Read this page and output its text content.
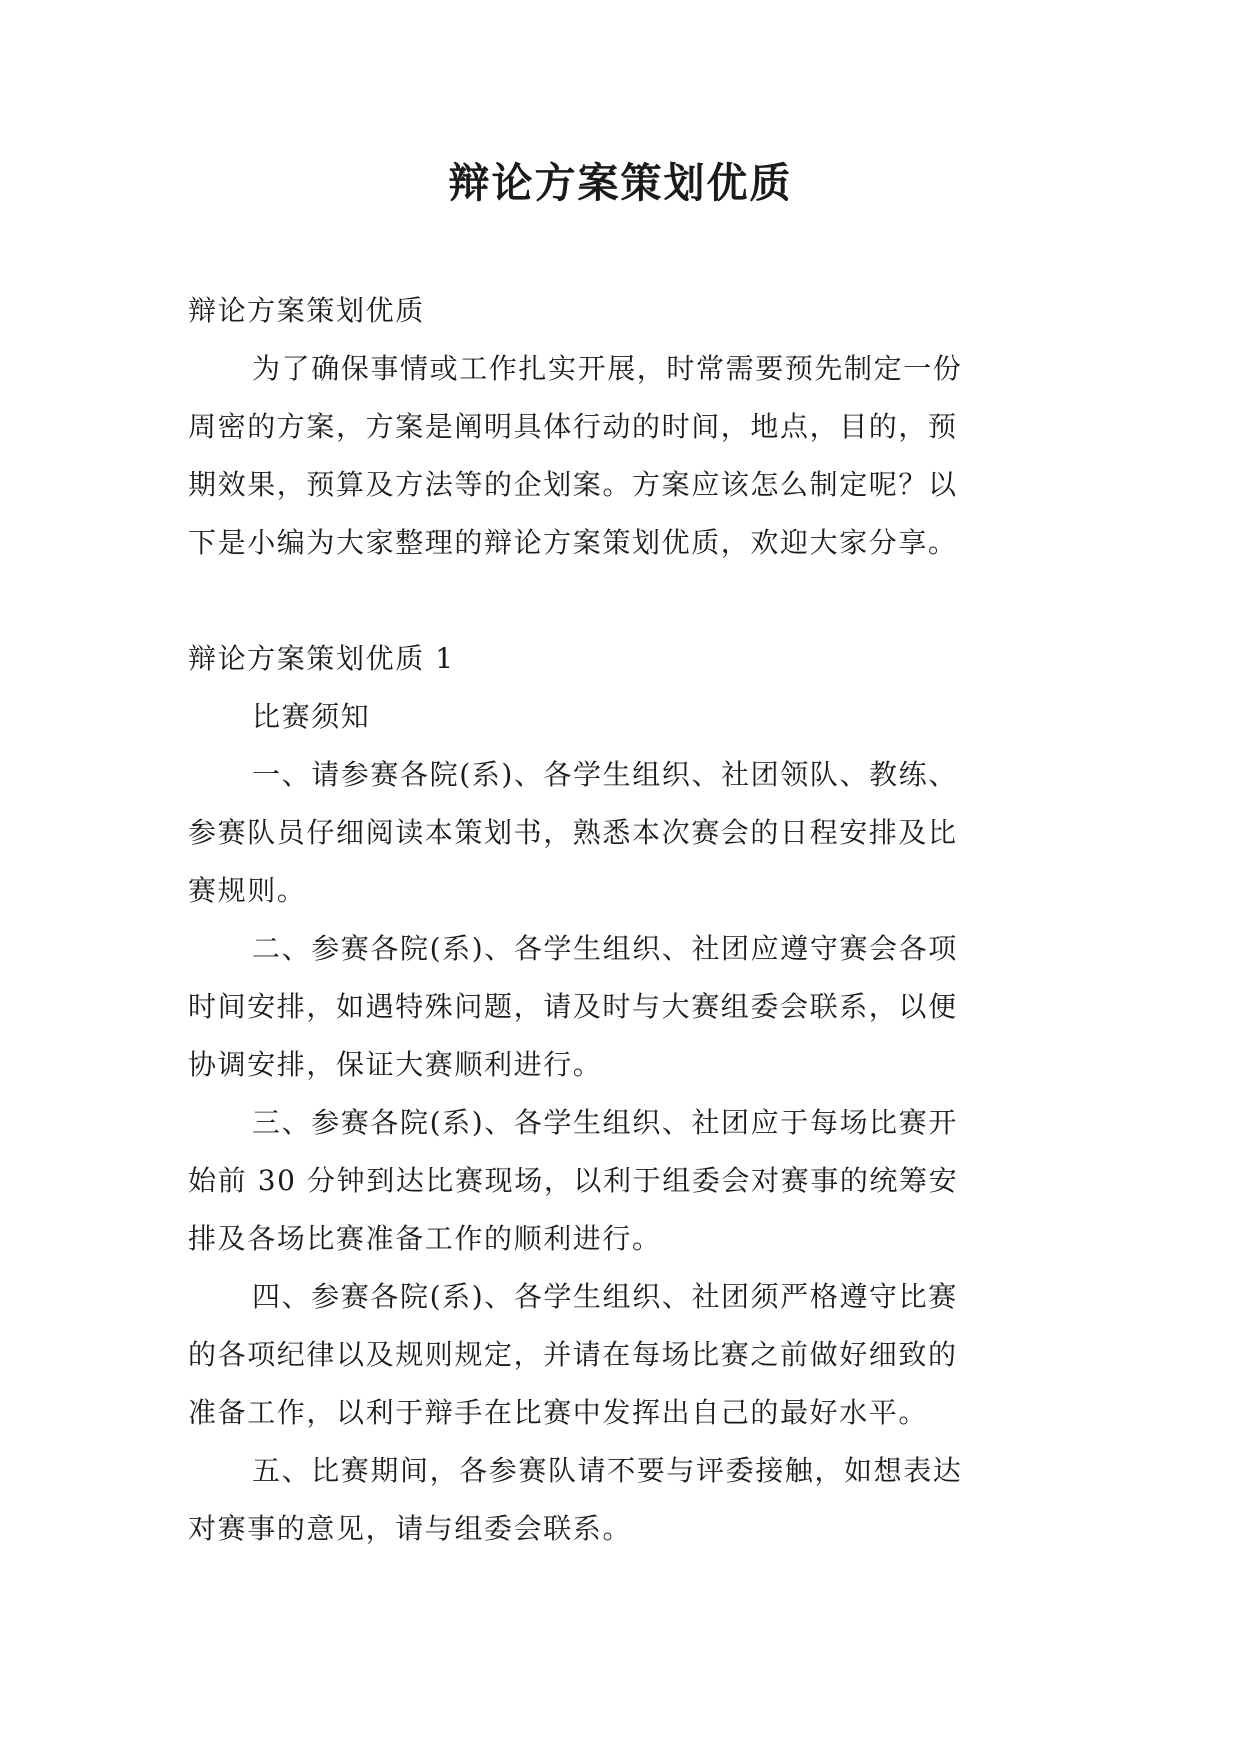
辩论方案策划优质

辩论方案策划优质

为了确保事情或工作扎实开展，时常需要预先制定一份

周密的方案，方案是阐明具体行动的时间，地点，目的，预

期效果，预算及方法等的企划案。方案应该怎么制定呢？以

下是小编为大家整理的辩论方案策划优质，欢迎大家分享。

辩论方案策划优质 1

比赛须知

一、请参赛各院(系)、各学生组织、社团领队、教练、

参赛队员仔细阅读本策划书，熟悉本次赛会的日程安排及比

赛规则。

二、参赛各院(系)、各学生组织、社团应遵守赛会各项

时间安排，如遇特殊问题，请及时与大赛组委会联系，以便

协调安排，保证大赛顺利进行。

三、参赛各院(系)、各学生组织、社团应于每场比赛开

始前 30 分钟到达比赛现场，以利于组委会对赛事的统筹安

排及各场比赛准备工作的顺利进行。

四、参赛各院(系)、各学生组织、社团须严格遵守比赛

的各项纪律以及规则规定，并请在每场比赛之前做好细致的

准备工作，以利于辩手在比赛中发挥出自己的最好水平。

五、比赛期间，各参赛队请不要与评委接触，如想表达

对赛事的意见，请与组委会联系。
